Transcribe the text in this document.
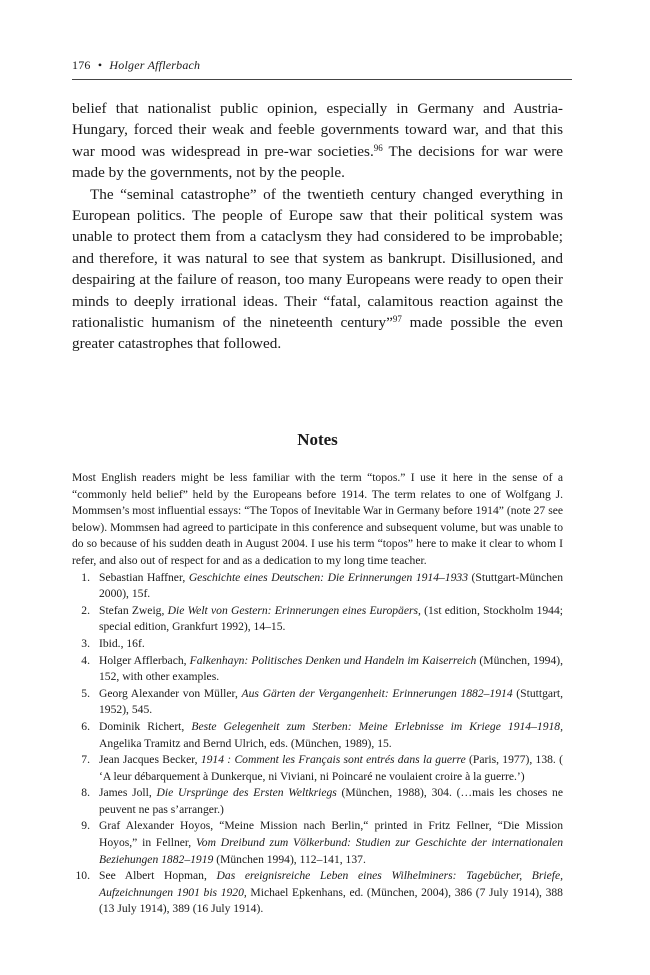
176 • Holger Afflerbach

belief that nationalist public opinion, especially in Germany and Austria-Hungary, forced their weak and feeble governments toward war, and that this war mood was widespread in pre-war societies.$^{96}$ The decisions for war were made by the governments, not by the people.

The “seminal catastrophe” of the twentieth century changed everything in European politics. The people of Europe saw that their political system was unable to protect them from a cataclysm they had considered to be improbable; and therefore, it was natural to see that system as bankrupt. Disillusioned, and despairing at the failure of reason, too many Europeans were ready to open their minds to deeply irrational ideas. Their “fatal, calamitous reaction against the rationalistic humanism of the nineteenth century”$^{97}$ made possible the even greater catastrophes that followed.

Notes

Most English readers might be less familiar with the term “topos.” I use it here in the sense of a “commonly held belief” held by the Europeans before 1914. The term relates to one of Wolfgang J. Mommsen’s most influential essays: “The Topos of Inevitable War in Germany before 1914” (note 27 see below). Mommsen had agreed to participate in this conference and subsequent volume, but was unable to do so because of his sudden death in August 2004. I use his term “topos” here to make it clear to whom I refer, and also out of respect for and as a dedication to my long time teacher.

1. Sebastian Haffner, Geschichte eines Deutschen: Die Erinnerungen 1914–1933 (Stuttgart-München 2000), 15f.
2. Stefan Zweig, Die Welt von Gestern: Erinnerungen eines Europäers, (1st edition, Stockholm 1944; special edition, Grankfurt 1992), 14–15.
3. Ibid., 16f.
4. Holger Afflerbach, Falkenhayn: Politisches Denken und Handeln im Kaiserreich (München, 1994), 152, with other examples.
5. Georg Alexander von Müller, Aus Gärten der Vergangenheit: Erinnerungen 1882–1914 (Stuttgart, 1952), 545.
6. Dominik Richert, Beste Gelegenheit zum Sterben: Meine Erlebnisse im Kriege 1914–1918, Angelika Tramitz and Bernd Ulrich, eds. (München, 1989), 15.
7. Jean Jacques Becker, 1914 : Comment les Français sont entrés dans la guerre (Paris, 1977), 138. ( ‘A leur débarquement à Dunkerque, ni Viviani, ni Poincaré ne voulaient croire à la guerre.’)
8. James Joll, Die Ursprünge des Ersten Weltkriegs (München, 1988), 304. (…mais les choses ne peuvent ne pas s’arranger.)
9. Graf Alexander Hoyos, “Meine Mission nach Berlin,“ printed in Fritz Fellner, “Die Mission Hoyos,” in Fellner, Vom Dreibund zum Völkerbund: Studien zur Geschichte der internationalen Beziehungen 1882–1919 (München 1994), 112–141, 137.
10. See Albert Hopman, Das ereignisreiche Leben eines Wilhelminers: Tagebücher, Briefe, Aufzeichnungen 1901 bis 1920, Michael Epkenhans, ed. (München, 2004), 386 (7 July 1914), 388 (13 July 1914), 389 (16 July 1914).
